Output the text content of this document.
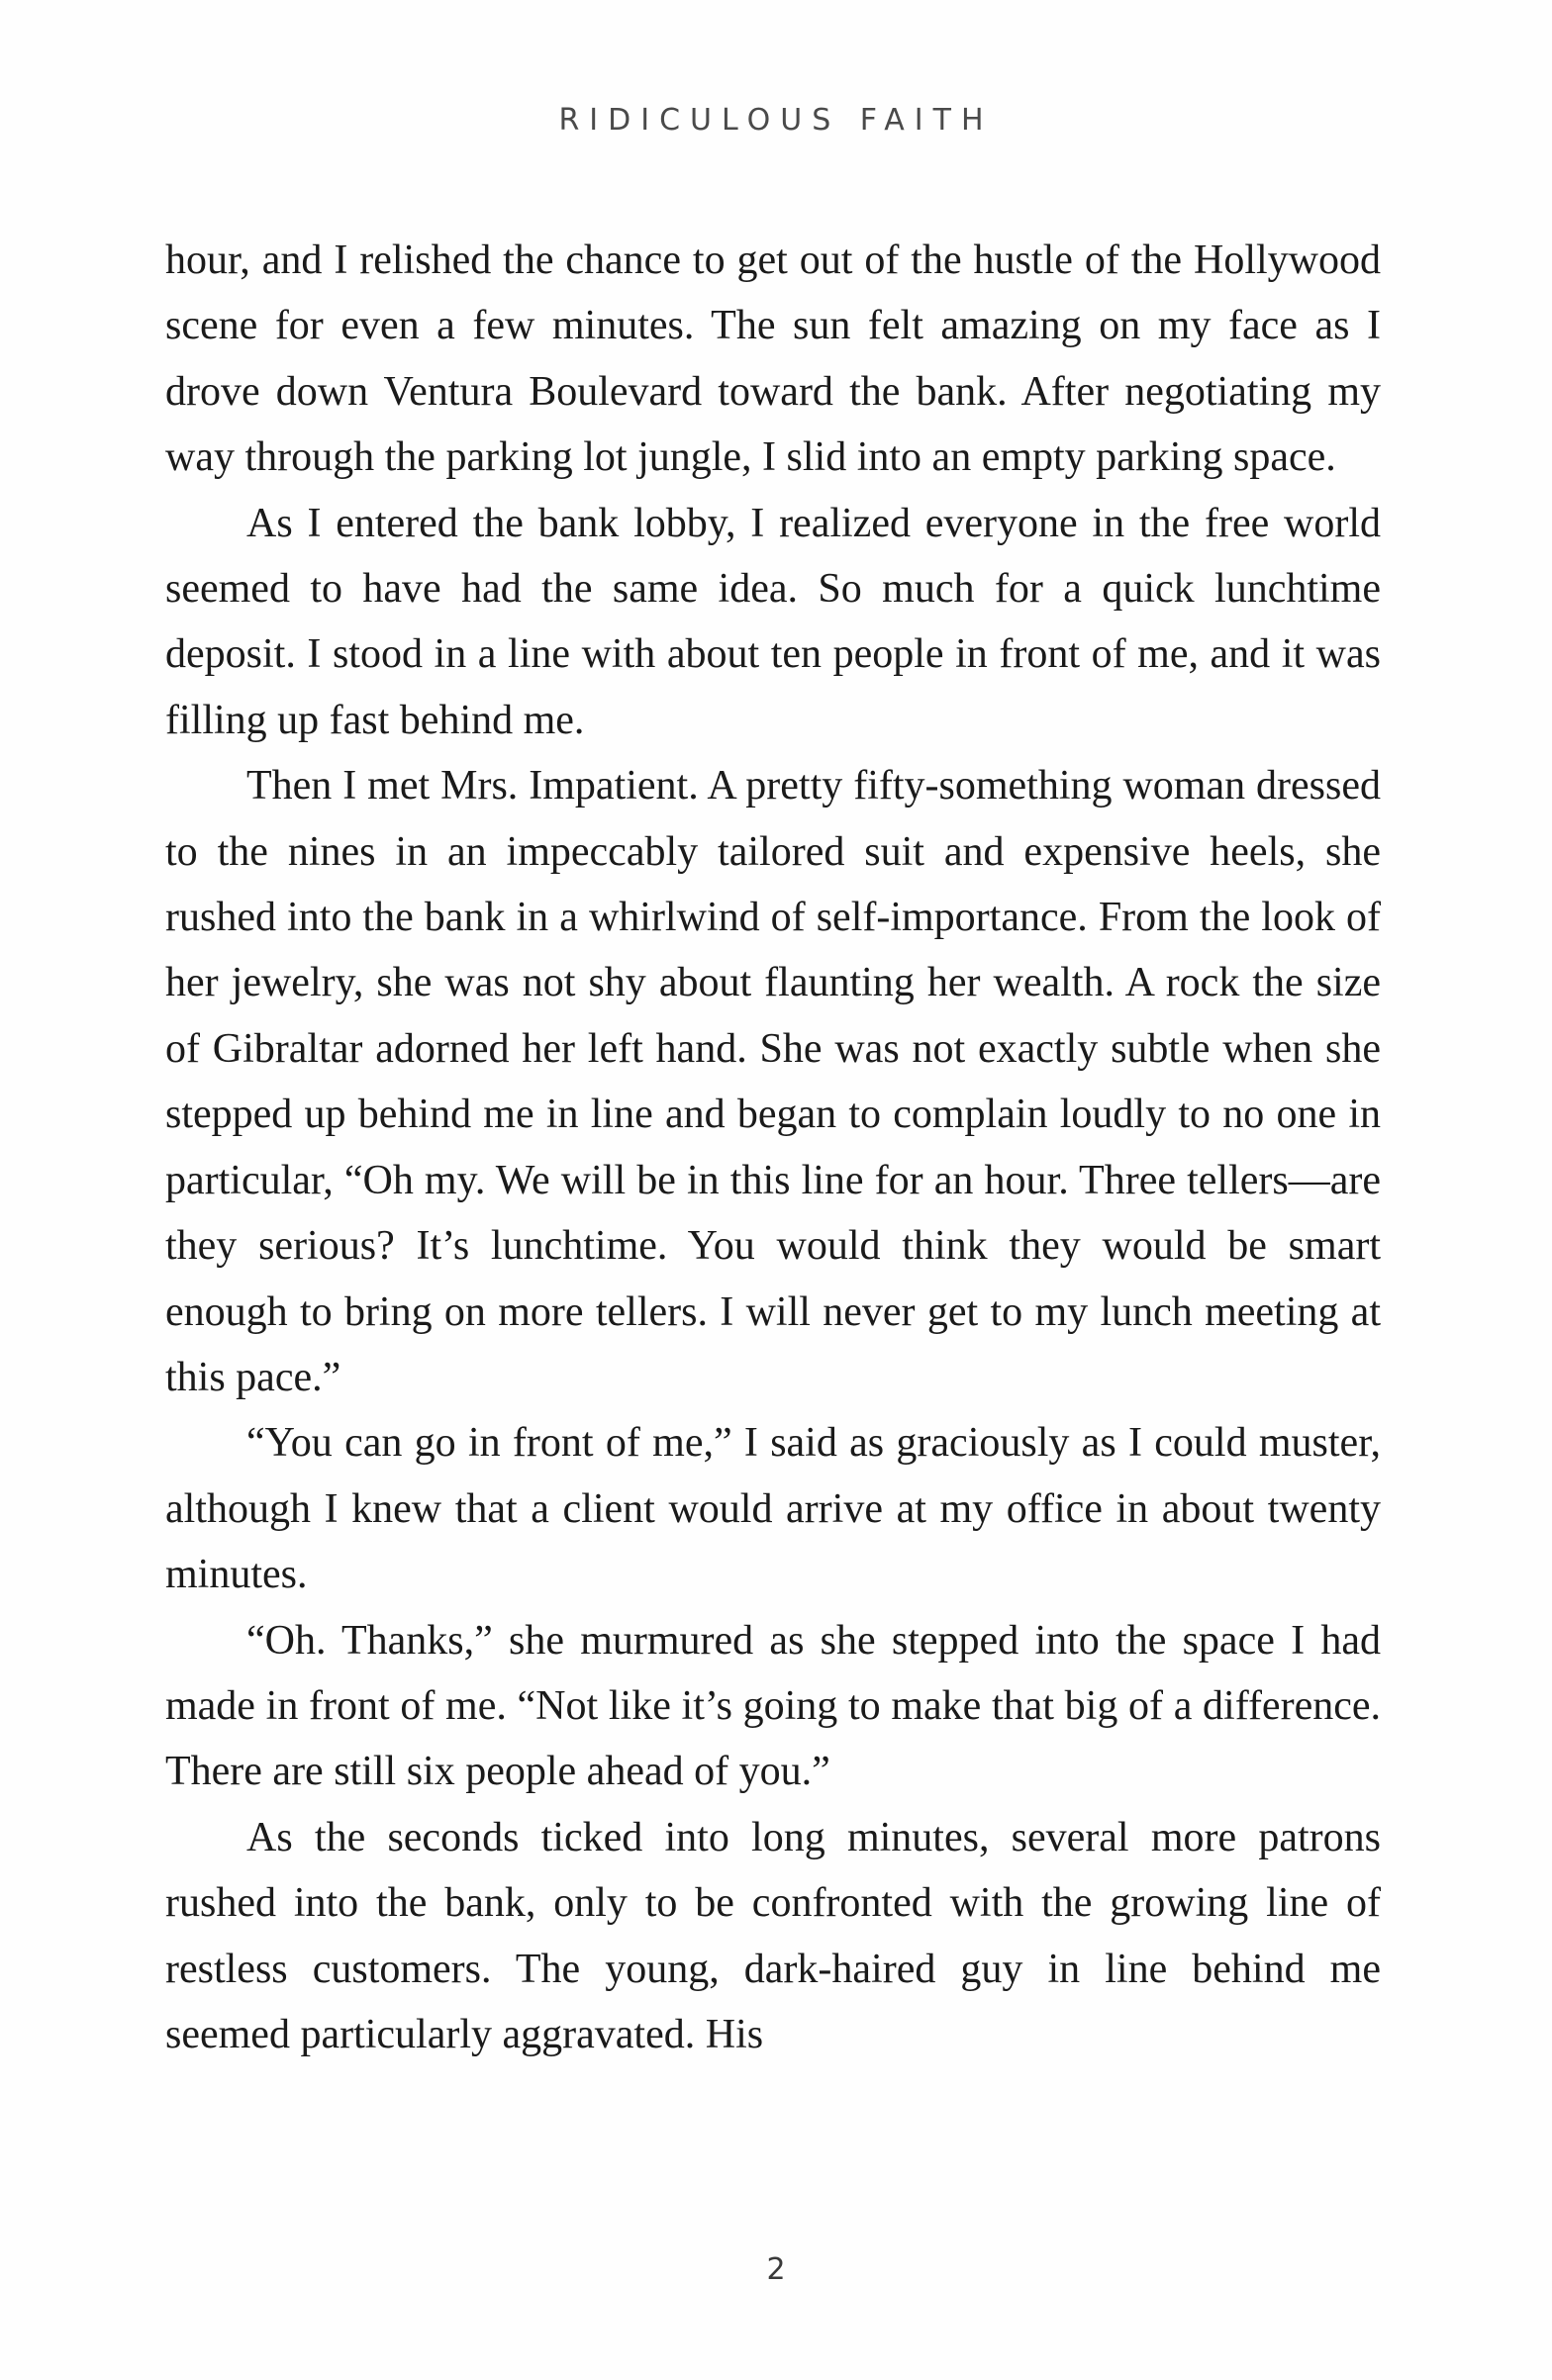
RIDICULOUS FAITH

hour, and I relished the chance to get out of the hustle of the Hollywood scene for even a few minutes. The sun felt amazing on my face as I drove down Ventura Boulevard toward the bank. After negotiating my way through the parking lot jungle, I slid into an empty parking space.

As I entered the bank lobby, I realized everyone in the free world seemed to have had the same idea. So much for a quick lunchtime deposit. I stood in a line with about ten people in front of me, and it was filling up fast behind me.

Then I met Mrs. Impatient. A pretty fifty-something woman dressed to the nines in an impeccably tailored suit and expensive heels, she rushed into the bank in a whirlwind of self-importance. From the look of her jewelry, she was not shy about flaunting her wealth. A rock the size of Gibraltar adorned her left hand. She was not exactly subtle when she stepped up behind me in line and began to complain loudly to no one in particular, “Oh my. We will be in this line for an hour. Three tellers—are they serious? It’s lunchtime. You would think they would be smart enough to bring on more tellers. I will never get to my lunch meeting at this pace.”

“You can go in front of me,” I said as graciously as I could muster, although I knew that a client would arrive at my office in about twenty minutes.

“Oh. Thanks,” she murmured as she stepped into the space I had made in front of me. “Not like it’s going to make that big of a difference. There are still six people ahead of you.”

As the seconds ticked into long minutes, several more patrons rushed into the bank, only to be confronted with the growing line of restless customers. The young, dark-haired guy in line behind me seemed particularly aggravated. His

2
